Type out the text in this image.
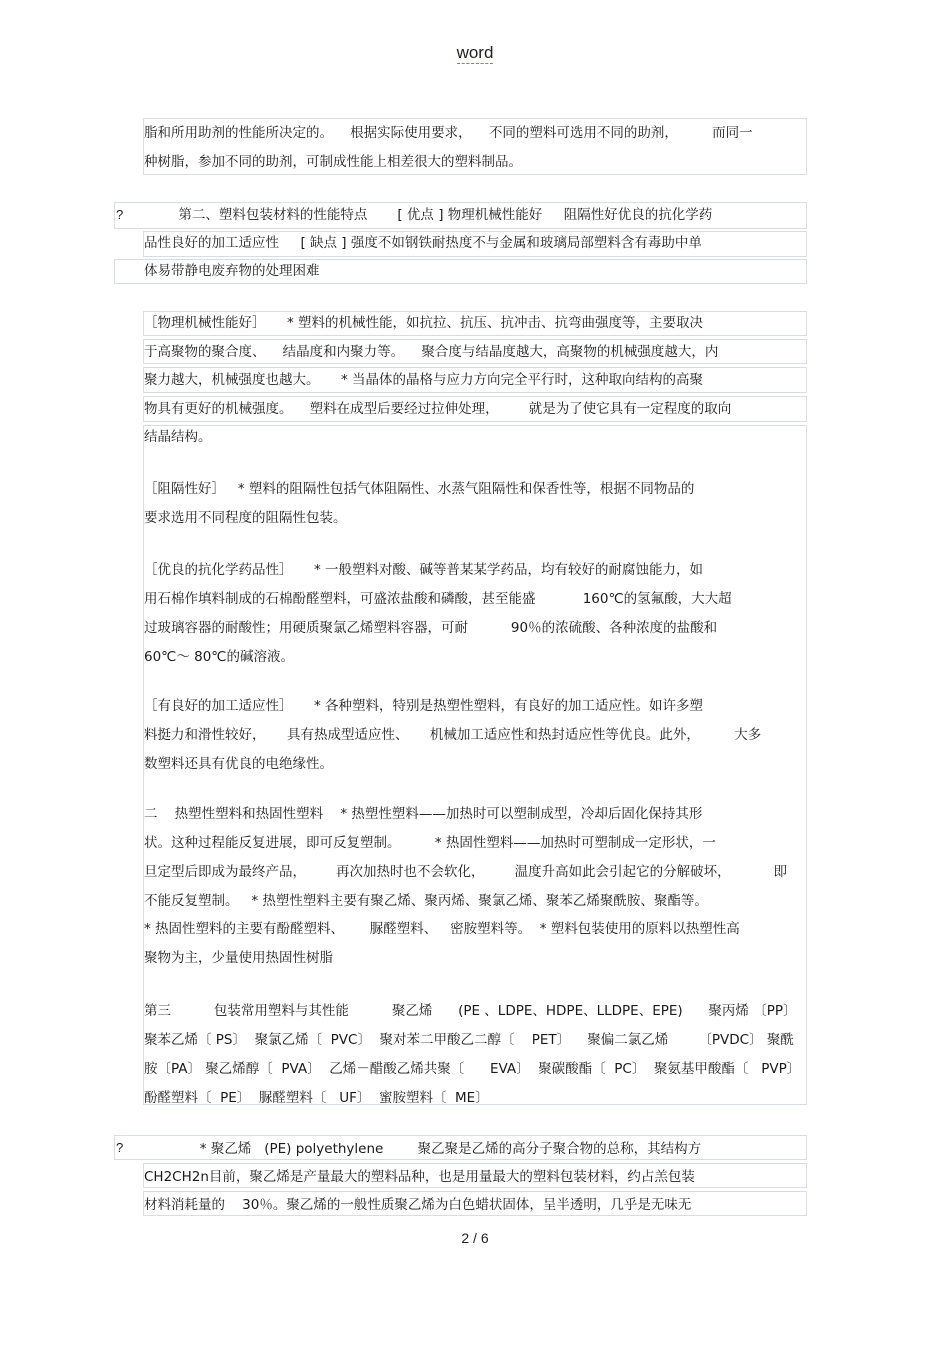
word
?
?
脂和所用助剂的性能所决定的。    根据实际使用要求，    不同的塑料可选用不同的助剂，        而同一
种树脂，参加不同的助剂，可制成性能上相差很大的塑料制品。
第二、塑料包装材料的性能特点       [ 优点 ] 物理机械性能好     阻隔性好优良的抗化学药
品性良好的加工适应性     [ 缺点 ] 强度不如钢铁耐热度不与金属和玻璃局部塑料含有毒助中单
体易带静电废弃物的处理困难
［物理机械性能好］     * 塑料的机械性能，如抗拉、抗压、抗冲击、抗弯曲强度等，主要取决
于高聚物的聚合度、    结晶度和内聚力等。    聚合度与结晶度越大，高聚物的机械强度越大，内
聚力越大，机械强度也越大。     * 当晶体的晶格与应力方向完全平行时，这种取向结构的高聚
物具有更好的机械强度。    塑料在成型后要经过拉伸处理，       就是为了使它具有一定程度的取向
结晶结构。
［阻隔性好］   * 塑料的阻隔性包括气体阻隔性、水蒸气阻隔性和保香性等，根据不同物品的
要求选用不同程度的阻隔性包装。
［优良的抗化学药品性］     * 一般塑料对酸、碱等普某某学药品，均有较好的耐腐蚀能力，如
用石棉作填料制成的石棉酚醛塑料，可盛浓盐酸和磷酸，甚至能盛           160℃的氢氟酸，大大超
过玻璃容器的耐酸性；用硬质聚氯乙烯塑料容器，可耐          90％的浓硫酸、各种浓度的盐酸和
60℃～ 80℃的碱溶液。
［有良好的加工适应性］     * 各种塑料，特别是热塑性塑料，有良好的加工适应性。如许多塑
料挺力和滑性较好，     具有热成型适应性、     机械加工适应性和热封适应性等优良。此外，        大多
数塑料还具有优良的电绝缘性。
二    热塑性塑料和热固性塑料    * 热塑性塑料——加热时可以塑制成型，冷却后固化保持其形
状。这种过程能反复进展，即可反复塑制。        * 热固性塑料——加热时可塑制成一定形状，一
旦定型后即成为最终产品，       再次加热时也不会软化，       温度升高如此会引起它的分解破坏，          即
不能反复塑制。   * 热塑性塑料主要有聚乙烯、聚丙烯、聚氯乙烯、聚苯乙烯聚酰胺、聚酯等。
* 热固性塑料的主要有酚醛塑料、      脲醛塑料、   密胺塑料等。  * 塑料包装使用的原料以热塑性高
聚物为主，少量使用热固性树脂
第三          包装常用塑料与其性能          聚乙烯      (PE 、LDPE、HDPE、LLDPE、EPE)      聚丙烯 〔PP〕
聚苯乙烯〔 PS〕  聚氯乙烯〔  PVC〕  聚对苯二甲酸乙二醇〔    PET〕    聚偏二氯乙烯       〔PVDC〕 聚酰
胺〔PA〕 聚乙烯醇〔  PVA〕  乙烯－醋酸乙烯共聚〔      EVA〕  聚碳酸酯〔  PC〕  聚氨基甲酸酯〔   PVP〕
酚醛塑料〔  PE〕  脲醛塑料〔   UF〕  蜜胺塑料〔  ME〕
* 聚乙烯   (PE) polyethylene        聚乙聚是乙烯的高分子聚合物的总称，其结构方
CH2CH2n目前，聚乙烯是产量最大的塑料品种，也是用量最大的塑料包装材料，约占羔包装
材料消耗量的    30％。聚乙烯的一般性质聚乙烯为白色蜡状固体，呈半透明，几乎是无味无
2 / 6
